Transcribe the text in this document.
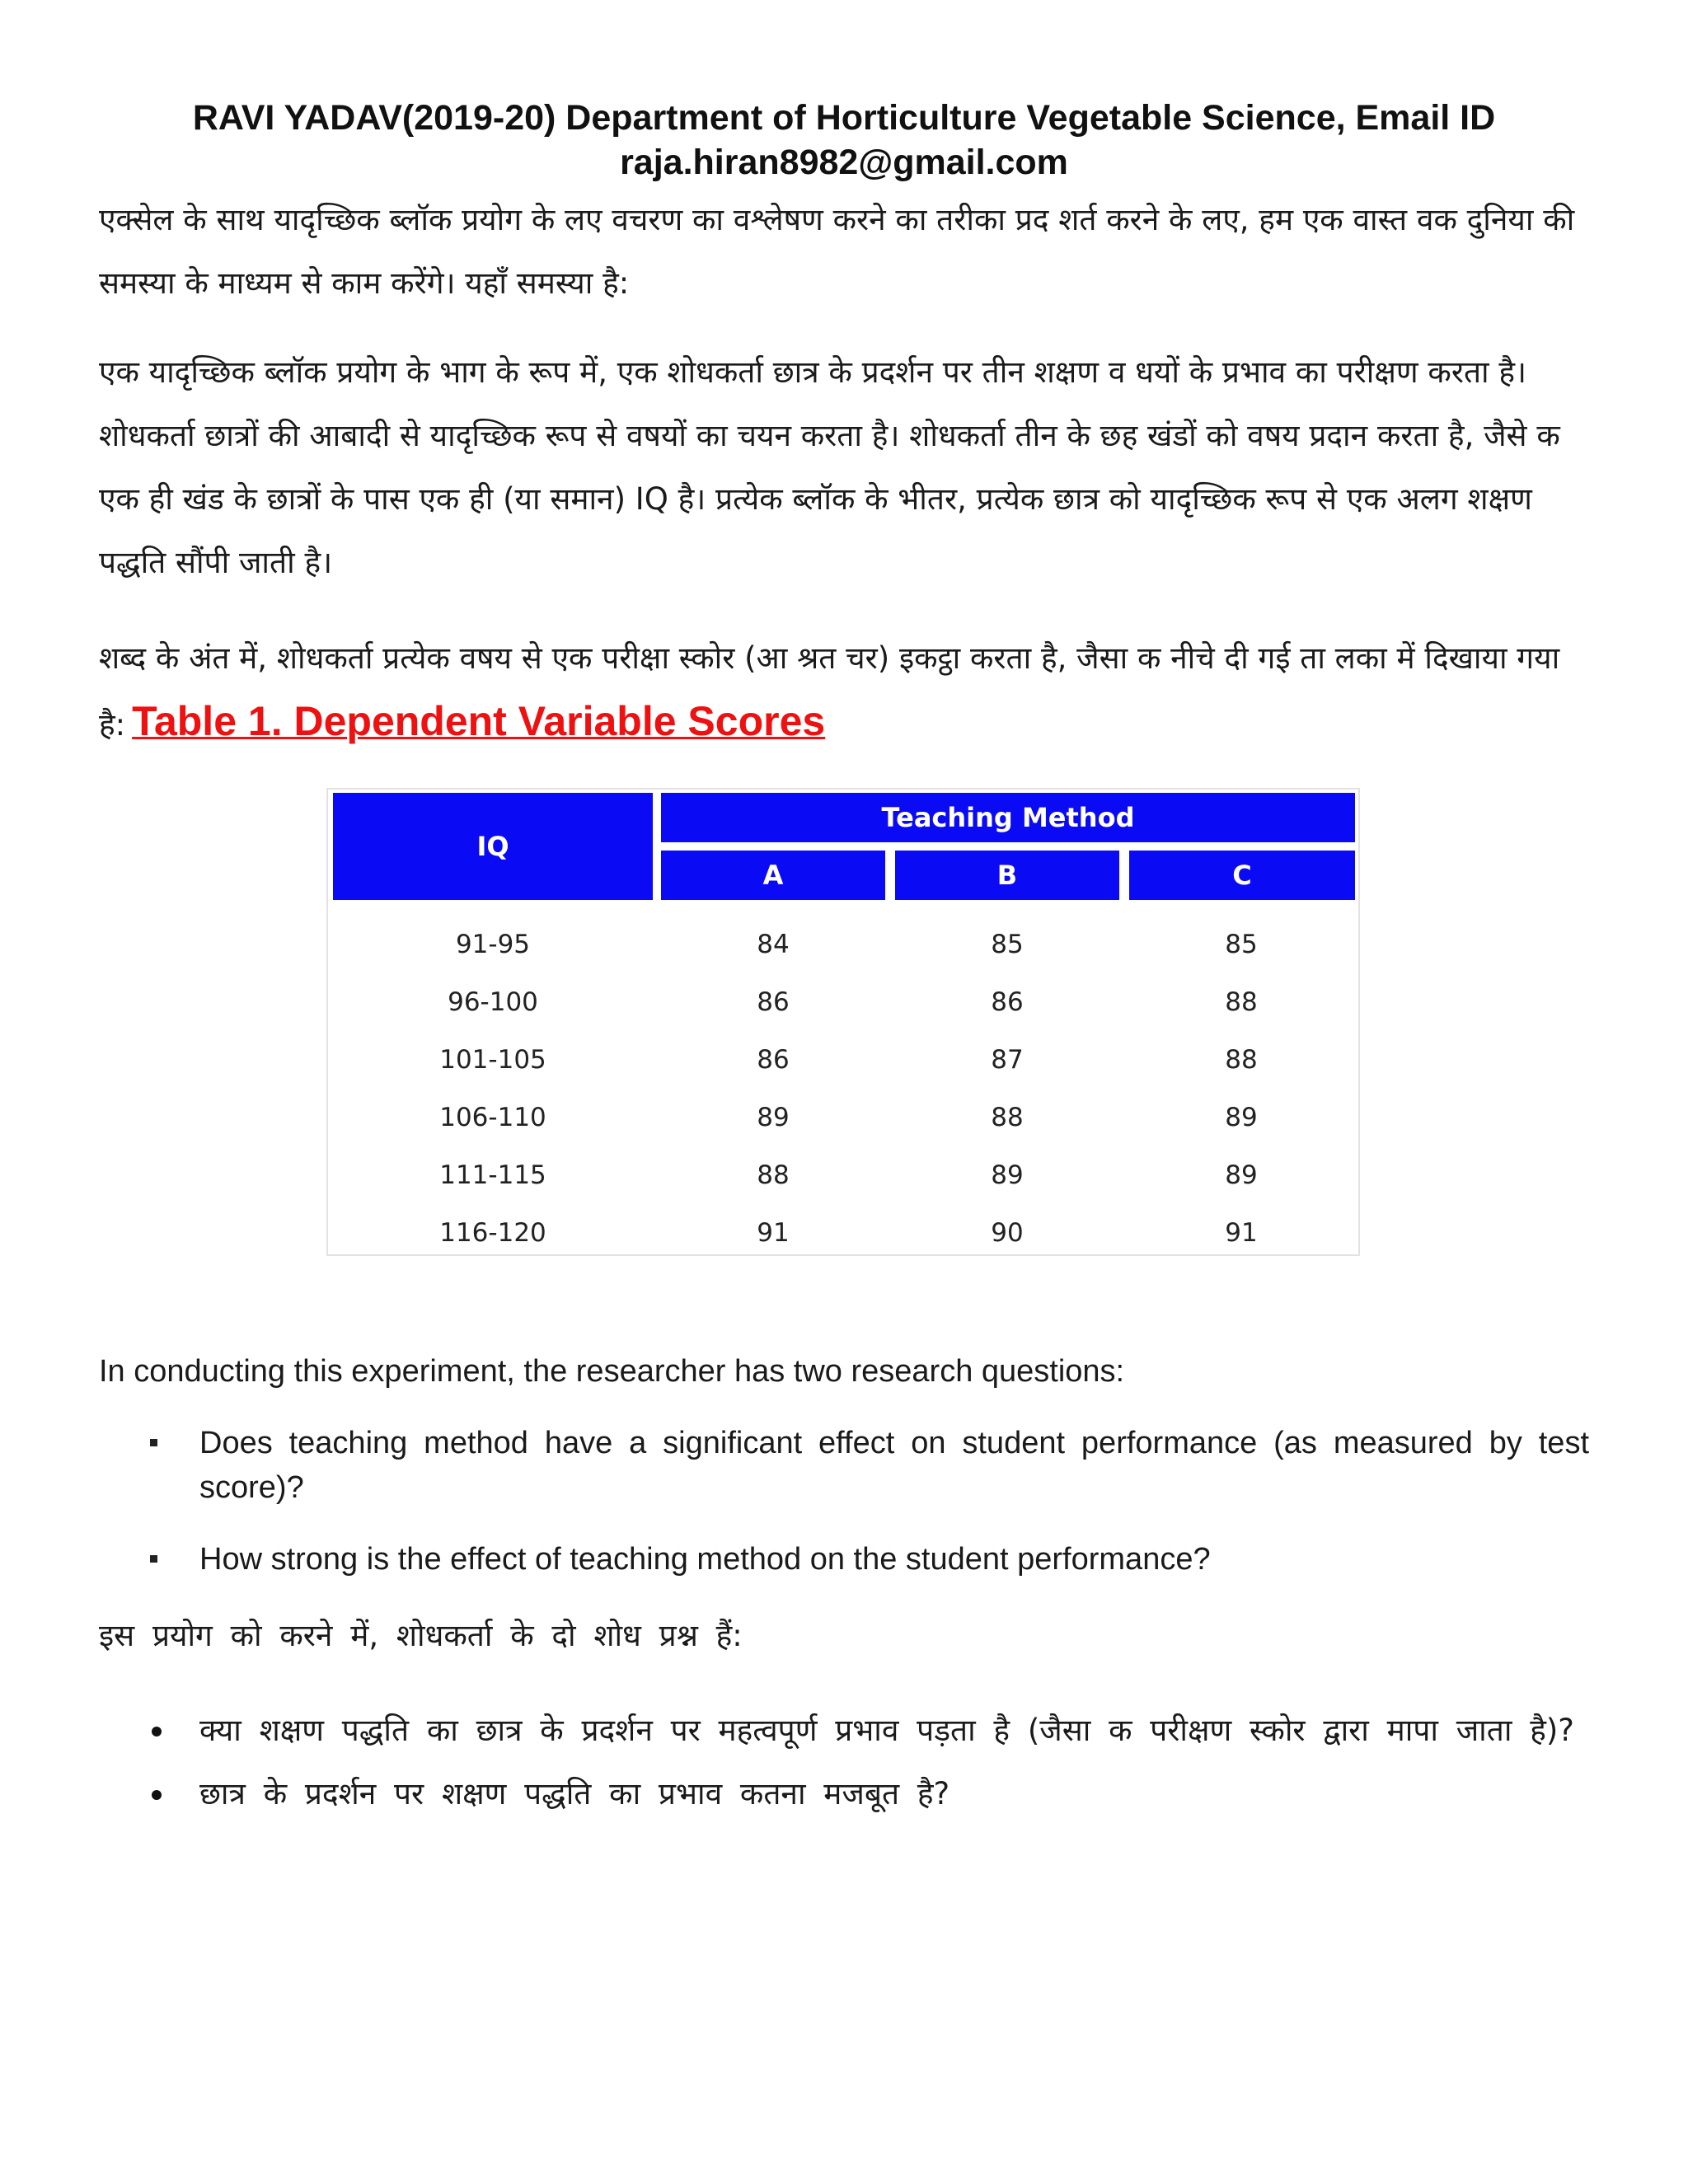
RAVI YADAV(2019-20) Department of Horticulture Vegetable Science, Email ID
raja.hiran8982@gmail.com

एक्सेल के साथ यादृच्छिक ब्लॉक प्रयोग के लए वचरण का वश्लेषण करने का तरीका प्रद शर्त करने के लए, हम एक वास्त वक दुनिया की समस्या के माध्यम से काम करेंगे। यहाँ समस्या है:

एक यादृच्छिक ब्लॉक प्रयोग के भाग के रूप में, एक शोधकर्ता छात्र के प्रदर्शन पर तीन शक्षण व धयों के प्रभाव का परीक्षण करता है। शोधकर्ता छात्रों की आबादी से यादृच्छिक रूप से वषयों का चयन करता है। शोधकर्ता तीन के छह खंडों को वषय प्रदान करता है, जैसे क एक ही खंड के छात्रों के पास एक ही (या समान) IQ है। प्रत्येक ब्लॉक के भीतर, प्रत्येक छात्र को यादृच्छिक रूप से एक अलग शक्षण पद्धति सौंपी जाती है।

शब्द के अंत में, शोधकर्ता प्रत्येक वषय से एक परीक्षा स्कोर (आ श्रत चर) इकट्ठा करता है, जैसा क नीचे दी गई ता लका में दिखाया गया है: Table 1. Dependent Variable Scores

IQ
Teaching Method
A	B	C
91-95	84	85	85
96-100	86	86	88
101-105	86	87	88
106-110	89	88	89
111-115	88	89	89
116-120	91	90	91
In conducting this experiment, the researcher has two research questions:
Does teaching method have a significant effect on student performance (as measured by test score)?
How strong is the effect of teaching method on the student performance?
इस प्रयोग को करने में, शोधकर्ता के दो शोध प्रश्न हैं:
क्या शक्षण पद्धति का छात्र के प्रदर्शन पर महत्वपूर्ण प्रभाव पड़ता है (जैसा क परीक्षण स्कोर द्वारा मापा जाता है)?
छात्र के प्रदर्शन पर शक्षण पद्धति का प्रभाव कतना मजबूत है?
